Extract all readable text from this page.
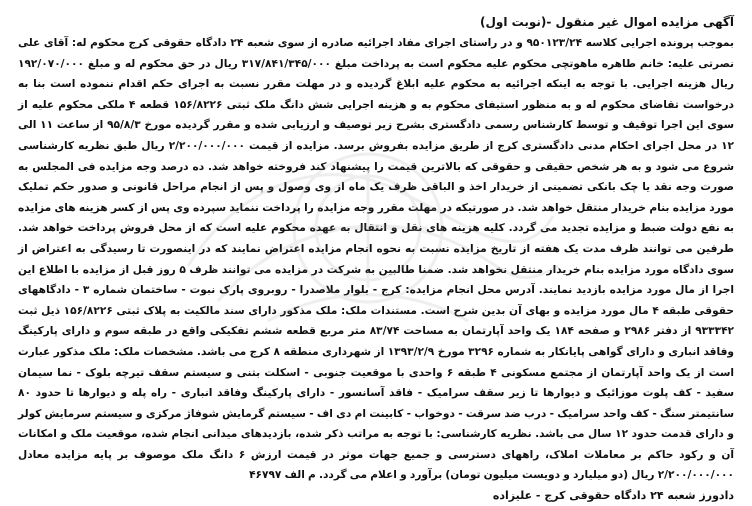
آگهی مزایده اموال غیر منقول -(نوبت اول)

بموجب پرونده اجرایی کلاسه ۹۵۰۱۲۳/۲۴ و در راستای اجرای مفاد اجرائیه صادره از سوی شعبه ۲۴ دادگاه حقوقی کرج محکوم له: آقای علی نصرتی علیه: خانم طاهره ماهوتچی محکوم علیه محکوم است به پرداخت مبلغ ۳۱۷/۸۴۱/۳۴۵/۰۰۰ ریال در حق محکوم له و مبلغ ۱۹۲/۰۷۰/۰۰۰ ریال هزینه اجرایی. با توجه به اینکه اجرائیه به محکوم علیه ابلاغ گردیده و در مهلت مقرر نسبت به اجرای حکم اقدام ننموده است بنا به درخواست تقاضای محکوم له و به منظور استیفای محکوم به و هزینه اجرایی شش دانگ ملک ثبتی ۱۵۶/۸۲۲۶ قطعه ۴ ملکی محکوم علیه از سوی این اجرا توقیف و توسط کارشناس رسمی دادگستری بشرح زیر توصیف و ارزیابی شده و مقرر گردیده مورخ ۹۵/۸/۳ از ساعت ۱۱ الی ۱۲ در محل اجرای احکام مدنی دادگستری کرج از طریق مزایده بفروش برسد. مزایده از قیمت ۲/۲۰۰/۰۰۰/۰۰۰ ریال طبق نظریه کارشناسی شروع می شود و به هر شخص حقیقی و حقوقی که بالاترین قیمت را پیشنهاد کند فروخته خواهد شد. ده درصد وجه مزایده فی المجلس به صورت وجه نقد یا چک بانکی تضمینی از خریدار اخذ و الباقی ظرف یک ماه از وی وصول و پس از انجام مراحل قانونی و صدور حکم تملیک مورد مزایده بنام خریدار منتقل خواهد شد. در صورتیکه در مهلت مقرر وجه مزایده را پرداخت ننماید سپرده وی پس از کسر هزینه های مزایده به نفع دولت ضبط و مزایده تجدید می گردد. کلیه هزینه های نقل و انتقال به عهده محکوم علیه است که از محل فروش پرداخت خواهد شد. طرفین می توانند ظرف مدت یک هفته از تاریخ مزایده نسبت به نحوه انجام مزایده اعتراض نمایند که در اینصورت تا رسیدگی به اعتراض از سوی دادگاه مورد مزایده بنام خریدار منتقل نخواهد شد. ضمنا طالبین به شرکت در مزایده می توانند ظرف ۵ روز قبل از مزایده با اطلاع این اجرا از مال مورد مزایده بازدید نمایند. آدرس محل انجام مزایده: کرج - بلوار ملاصدرا - روبروی پارک نبوت - ساختمان شماره ۳ - دادگاههای حقوقی طبقه ۴ مال مورد مزایده و بهای آن بدین شرح است. مستندات ملک: ملک مذکور دارای سند مالکیت به پلاک ثبتی ۱۵۶/۸۲۲۶ ذیل ثبت ۹۳۳۳۴۲ از دفتر ۲۹۸۶ و صفحه ۱۸۴ یک واحد آپارتمان به مساحت ۸۳/۷۴ متر مربع قطعه ششم تفکیکی واقع در طبقه سوم و دارای پارکینگ وفاقد انباری و دارای گواهی پایانکار به شماره ۳۲۹۶ مورخ ۱۳۹۳/۲/۹ از شهرداری منطقه ۸ کرج می باشد. مشخصات ملک: ملک مذکور عبارت است از یک واحد آپارتمان از مجتمع مسکونی ۴ طبقه ۶ واحدی با موقعیت جنوبی - اسکلت بتنی و سیستم سقف تیرچه بلوک - نما سیمان سفید - کف پلوت موزائیک و دیوارها تا زیر سقف سرامیک - فاقد آسانسور - دارای پارکینگ وفاقد انباری - راه پله و دیوارها تا حدود ۸۰ سانتیمتر سنگ - کف واحد سرامیک - درب ضد سرقت - دوخواب - کابینت ام دی اف - سیستم گرمایش شوفاژ مرکزی و سیستم سرمایش کولر و دارای قدمت حدود ۱۲ سال می باشد. نظریه کارشناسی: با توجه به مراتب ذکر شده، بازدیدهای میدانی انجام شده، موقعیت ملک و امکانات آن و رکود حاکم بر معاملات املاک، راههای دسترسی و جمیع جهات موثر در قیمت ارزش ۶ دانگ ملک موصوف بر پایه مزایده معادل ۲/۲۰۰/۰۰۰/۰۰۰ ریال (دو میلیارد و دویست میلیون تومان) برآورد و اعلام می گردد. م الف ۴۶۷۹۷

دادورز شعبه ۲۴ دادگاه حقوقی کرج - علیزاده
